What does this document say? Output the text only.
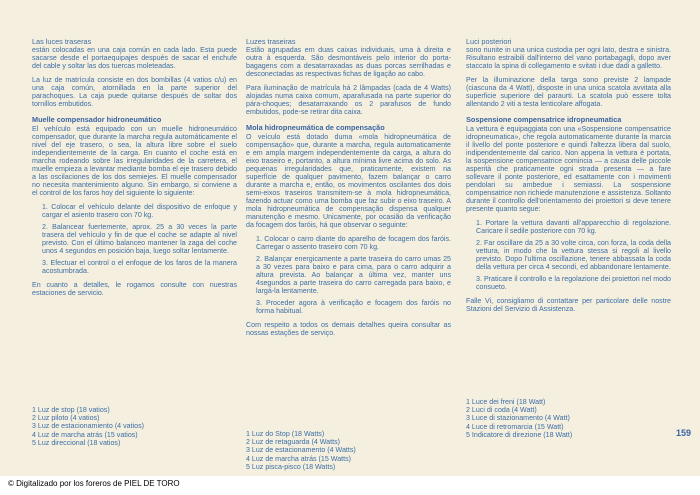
Las luces traseras

están colocadas en una caja común en cada lado. Esta puede sacarse desde el portaequipajes después de sacar el enchufe del cable y soltar las dos tuercas moleteadas.

La luz de matrícula consiste en dos bombillas (4 vatios c/u) en una caja común, atornillada en la parte superior del parachoques. La caja puede quitarse después de soltar dos tornillos embutidos.

Muelle compensador hidroneumático

El vehículo está equipado con un muelle hidroneumático compensador, que durante la marcha regula automáticamente el nivel del eje trasero, o sea, la altura libre sobre el suelo independientemente de la carga. En cuanto el coche está en marcha rodeando sobre las irregularidades de la carretera, el muelle empieza a levantar mediante bomba el eje trasero debido a las oscilaciones de los dos semiejes. El muelle compensador no necesita mantenimiento alguno. Sin embargo, si conviene a el control de los faros hoy del siguiente lo siguiente:

1. Colocar el vehículo delante del dispositivo de enfoque y cargar el asiento trasero con 70 kg.
2. Balancear fuertemente, aprox. 25 a 30 veces la parte trasera del vehículo y fin de que el coche se adapte al nivel previsto. Con el último balanceo mantener la zaga del coche unos 4 segundos en posición baja, luego soltar lentamente.
3. Efectuar el control o el enfoque de los faros de la manera acostumbrada.

En cuanto a detalles, le rogamos consulte con nuestras estaciones de servicio.

1 Luz de stop (18 vatios)
2 Luz piloto (4 vatios)
3 Luz de estacionamiento (4 vatios)
4 Luz de marcha atrás (15 vatios)
5 Luz direccional (18 vatios)

Luzes traseiras

Estão agrupadas em duas caixas individuais, uma à direita e outra à esquerda. São desmontáveis pelo interior do porta-bagagens com a desatarraxadas as duas porcas serrilhadas e desconectadas as respectivas fichas de ligação ao cabo.

Para iluminação de matrícula há 2 lâmpadas (cada de 4 Watts) alojadas numa caixa comum, aparafusada na parte superior do pára-choques; desatarraxando os 2 parafusos de fundo embutidos, pode-se retirar dita caixa.

Mola hidropneumática de compensação

O veículo está dotado duma «mola hidropneumática de compensação» que, durante a marcha, regula automaticamente e em ampla margem independentemente da carga, a altura do eixo traseiro e, portanto, a altura mínima livre acima do solo. As pequenas irregularidades que, praticamente, existem na superfície de qualquer pavimento, fazem balançar o carro durante a marcha e, então, os movimentos oscilantes dos dois semi-eixos traseiros transmitem-se à mola hidropneumática, fazendo actuar como uma bomba que faz subir o eixo traseiro. A mola hidropneumática de compensação dispensa qualquer manutenção e mesmo. Unicamente, por ocasião da verificação da focagem dos faróis, há que observar o seguinte:

1. Colocar o carro diante do aparelho de focagem dos faróis. Carregar o assento traseiro com 70 kg.
2. Balançar energicamente a parte traseira do carro umas 25 a 30 vezes para baixo e para cima, para o carro adquirir a altura prevista. Ao balançar a última vez, manter uns 4segundos a parte traseira do carro carregada para baixo, e largá-la lentamente.
3. Proceder agora à verificação e focagem dos faróis no forma habitual.

Com respeito a todos os demais detalhes queira consultar as nossas estações de serviço.

1 Luz do Stop (18 Watts)
2 Luz de retaguarda (4 Watts)
3 Luz de estacionamento (4 Watts)
4 Luz de marcha atrás (15 Watts)
5 Luz pisca-pisco (18 Watts)

Luci posteriori

sono riunite in una unica custodia per ogni lato, destra e sinistra. Risultano estraibili dall'interno del vano portabagagli, dopo aver staccato la spina di collegamento e svitati i due dadi a galletto.

Per la illuminazione della targa sono previste 2 lampade (ciascuna da 4 Watt), disposte in una unica scatola avvitata alla superficie superiore del paraurti. La scatola può essere tolta allentando 2 viti a testa lenticolare affogata.

Sospensione compensatrice idropneumatica

La vettura è equipaggiata con una «Sospensione compensatrice idropneumatica», che regola automaticamente durante la marcia il livello del ponte posteriore e quindi l'altezza libera dal suolo, indipendentemente dal carico. Non appena la vettura è portata, la sospensione compensatrice comincia — a causa delle piccole asperità che praticamente ogni strada presenta — a fare sollevare il ponte posteriore, ed esattamente con i movimenti pendolari su ambedue i semiassi. La sospensione compensatrice non richiede manutenzione e assistenza. Soltanto durante il controllo dell'orientamento dei proiettori si deve tenere presente quanto segue:

1. Portare la vettura davanti all'apparecchio di regolazione. Caricare il sedile posteriore con 70 kg.
2. Far oscillare da 25 a 30 volte circa, con forza, la coda della vettura, in modo che la vettura stessa si regoli al livello previsto. Dopo l'ultima oscillazione, tenere abbassata la coda della vettura per circa 4 secondi, ed abbandonare lentamente.
3. Praticare il controllo e la regolazione dei proiettori nel modo consueto.

Falle Vi, consigliamo di contattare per particolare delle nostre Stazioni del Servizio di Assistenza.

1 Luce dei freni (18 Watt)
2 Luci di coda (4 Watt)
3 Luce di stazionamento (4 Watt)
4 Luce di retromarcia (15 Watt)
5 Indicatore di direzione (18 Watt)	159
© Digitalizado por los foreros de PIEL DE TORO
